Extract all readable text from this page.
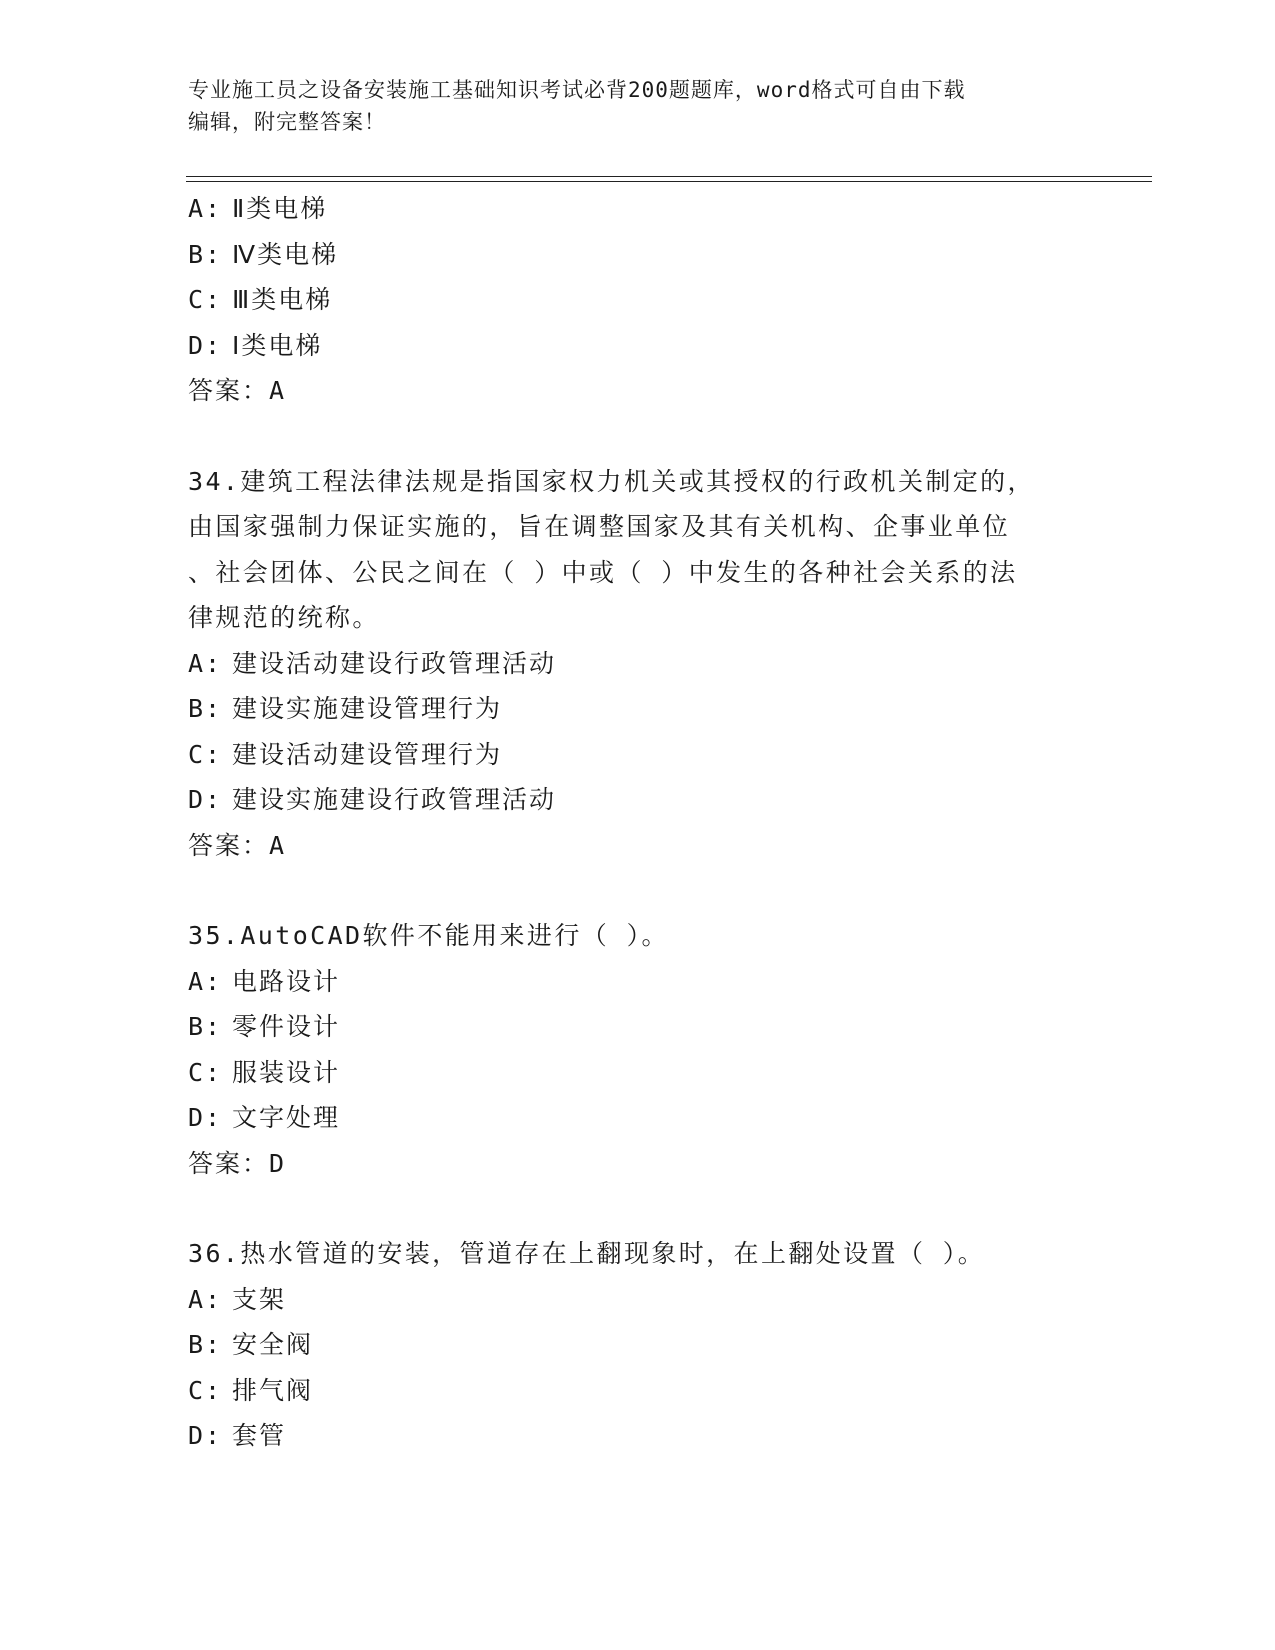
专业施工员之设备安装施工基础知识考试必背200题题库，word格式可自由下载
编辑，附完整答案！
A: Ⅱ类电梯
B: Ⅳ类电梯
C: Ⅲ类电梯
D: Ⅰ类电梯
答案：A
34.建筑工程法律法规是指国家权力机关或其授权的行政机关制定的，
由国家强制力保证实施的，旨在调整国家及其有关机构、企事业单位
、社会团体、公民之间在（ ）中或（ ）中发生的各种社会关系的法
律规范的统称。
A: 建设活动建设行政管理活动
B: 建设实施建设管理行为
C: 建设活动建设管理行为
D: 建设实施建设行政管理活动
答案：A
35.AutoCAD软件不能用来进行（ ）。
A: 电路设计
B: 零件设计
C: 服装设计
D: 文字处理
答案：D
36.热水管道的安装，管道存在上翻现象时，在上翻处设置（ ）。
A: 支架
B: 安全阀
C: 排气阀
D: 套管
